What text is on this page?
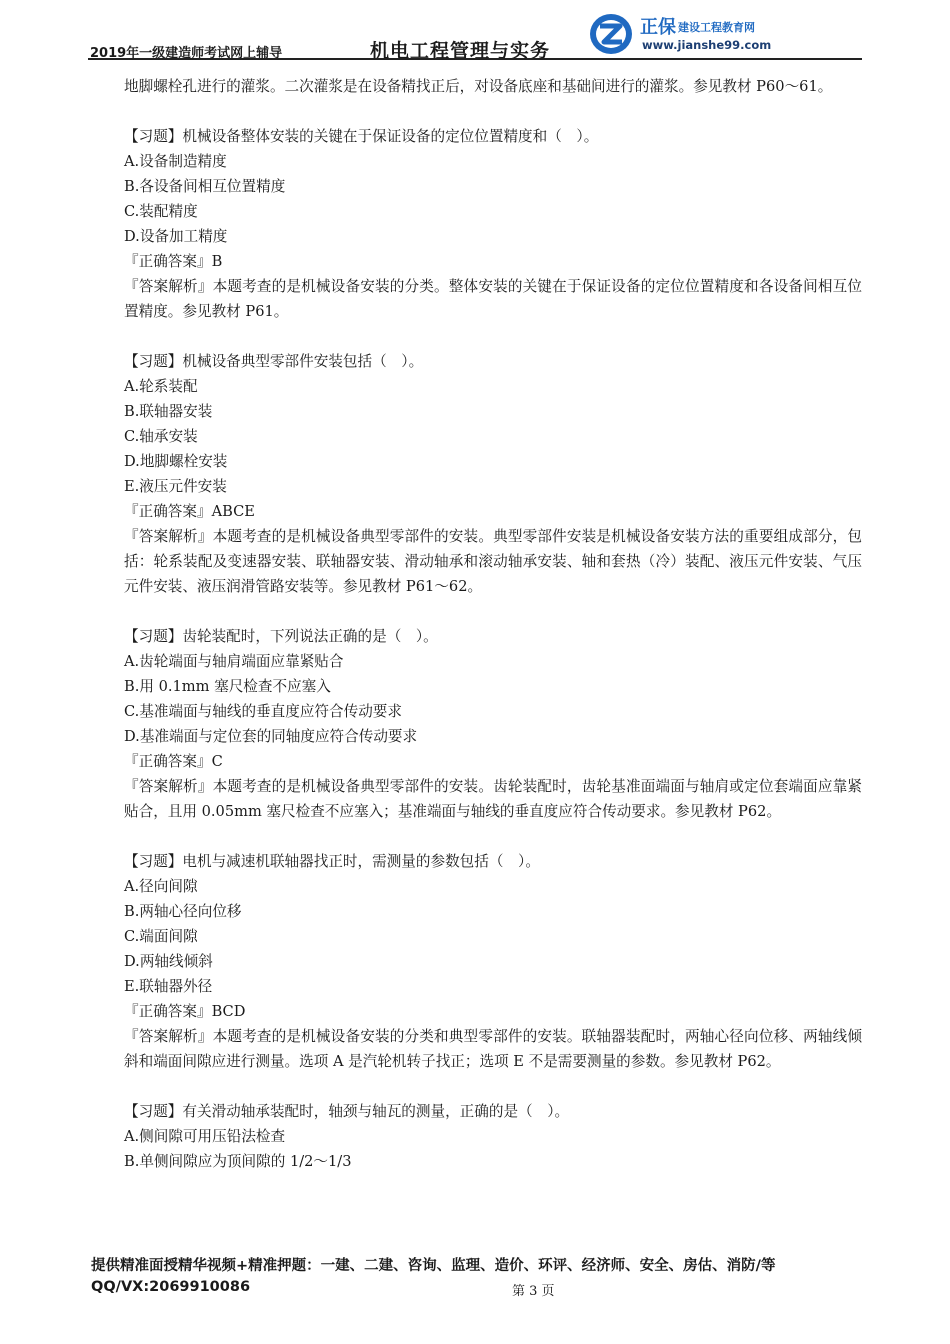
2019年一级建造师考试网上辅导	机电工程管理与实务
正保 建设工程教育网
www.jianshe99.com
地脚螺栓孔进行的灌浆。二次灌浆是在设备精找正后，对设备底座和基础间进行的灌浆。参见教材 P60～61。
【习题】机械设备整体安装的关键在于保证设备的定位位置精度和（　）。
A.设备制造精度
B.各设备间相互位置精度
C.装配精度
D.设备加工精度
『正确答案』B
『答案解析』本题考查的是机械设备安装的分类。整体安装的关键在于保证设备的定位位置精度和各设备间相互位置精度。参见教材 P61。
【习题】机械设备典型零部件安装包括（　）。
A.轮系装配
B.联轴器安装
C.轴承安装
D.地脚螺栓安装
E.液压元件安装
『正确答案』ABCE
『答案解析』本题考查的是机械设备典型零部件的安装。典型零部件安装是机械设备安装方法的重要组成部分，包括：轮系装配及变速器安装、联轴器安装、滑动轴承和滚动轴承安装、轴和套热（冷）装配、液压元件安装、气压元件安装、液压润滑管路安装等。参见教材 P61～62。
【习题】齿轮装配时，下列说法正确的是（　）。
A.齿轮端面与轴肩端面应靠紧贴合
B.用 0.1mm 塞尺检查不应塞入
C.基准端面与轴线的垂直度应符合传动要求
D.基准端面与定位套的同轴度应符合传动要求
『正确答案』C
『答案解析』本题考查的是机械设备典型零部件的安装。齿轮装配时，齿轮基准面端面与轴肩或定位套端面应靠紧贴合，且用 0.05mm 塞尺检查不应塞入；基准端面与轴线的垂直度应符合传动要求。参见教材 P62。
【习题】电机与减速机联轴器找正时，需测量的参数包括（　）。
A.径向间隙
B.两轴心径向位移
C.端面间隙
D.两轴线倾斜
E.联轴器外径
『正确答案』BCD
『答案解析』本题考查的是机械设备安装的分类和典型零部件的安装。联轴器装配时，两轴心径向位移、两轴线倾斜和端面间隙应进行测量。选项 A 是汽轮机转子找正；选项 E 不是需要测量的参数。参见教材 P62。
【习题】有关滑动轴承装配时，轴颈与轴瓦的测量，正确的是（　）。
A.侧间隙可用压铅法检查
B.单侧间隙应为顶间隙的 1/2～1/3
提供精准面授精华视频+精准押题：一建、二建、咨询、监理、造价、环评、经济师、安全、房估、消防/等
QQ/VX:2069910086	第 3 页
